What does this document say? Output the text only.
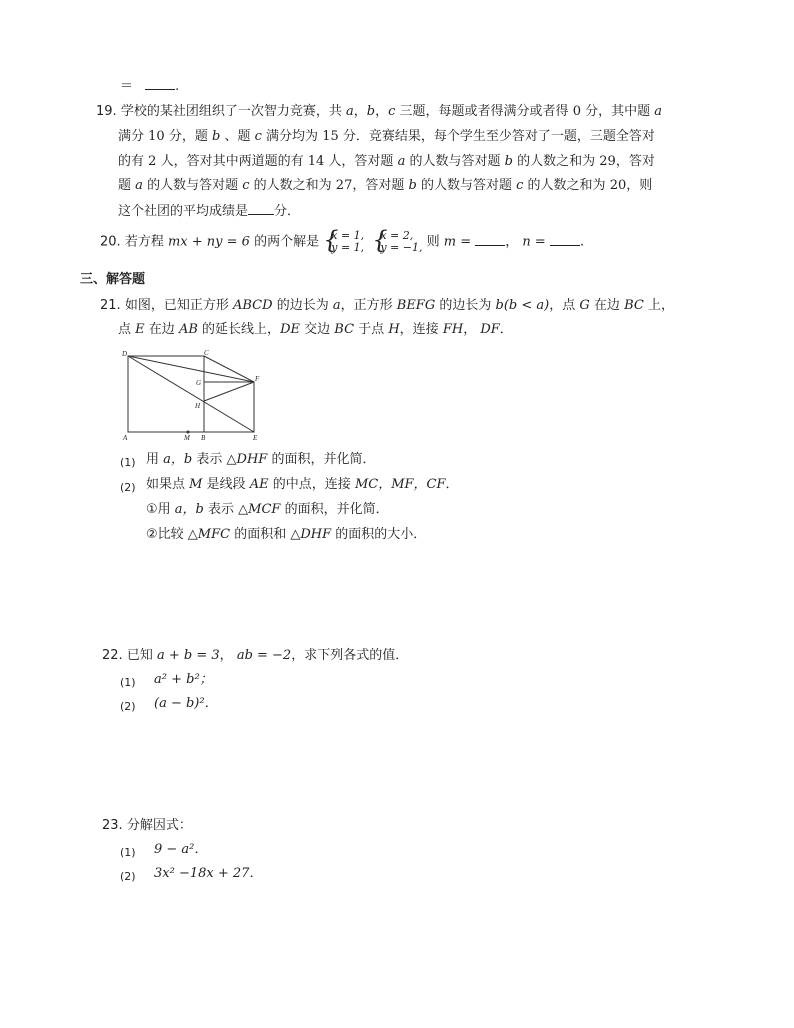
＝	.
19. 学校的某社团组织了一次智力竞赛，共 a，b，c 三题，每题或者得满分或者得 0 分，其中题 a
满分 10 分，题 b 、题 c 满分均为 15 分．竞赛结果，每个学生至少答对了一题，三题全答对
的有 2 人，答对其中两道题的有 14 人，答对题 a 的人数与答对题 b 的人数之和为 29，答对
题 a 的人数与答对题 c 的人数之和为 27，答对题 b 的人数与答对题 c 的人数之和为 20，则
这个社团的平均成绩是 分．
20. 若方程 mx + ny = 6 的两个解是 {
x = 1,
y = 1, {
x = 2,
y = −1, 则 m =	， n =	.
三、解答题
21. 如图，已知正方形 ABCD 的边长为 a，正方形 BEFG 的边长为 b(b < a)，点 G 在边 BC 上，
点 E 在边 AB 的延长线上，DE 交边 BC 于点 H，连接 FH， DF．
D	C
G	F
H
A	M B	E
(1) 用 a，b 表示 △DHF 的面积，并化简．
(2) 如果点 M 是线段 AE 的中点，连接 MC，MF，CF．
①用 a，b 表示 △MCF 的面积，并化简．
②比较 △MFC 的面积和 △DHF 的面积的大小．
22. 已知 a + b = 3， ab = −2，求下列各式的值．
(1) a² + b²；
(2) (a − b)²．
23. 分解因式：
(1) 9 − a²．
(2) 3x² −18x + 27．
